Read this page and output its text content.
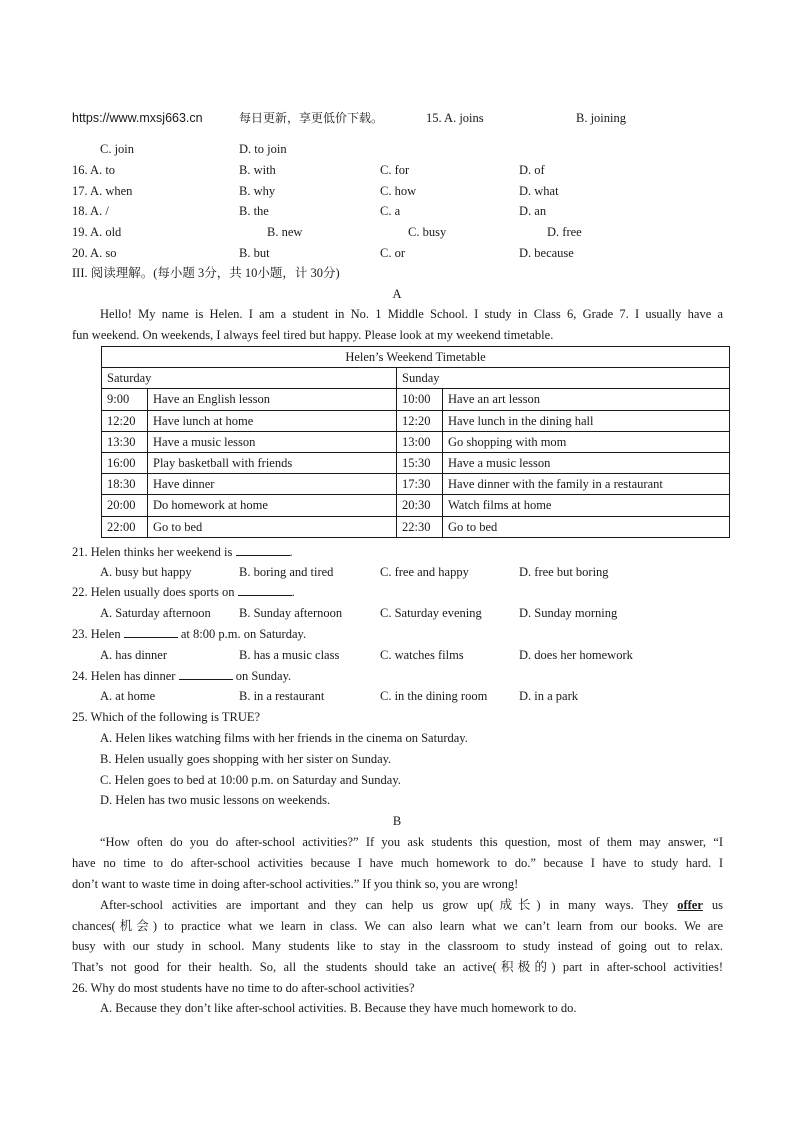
https://www.mxsj663.cn	每日更新，享更低价下载。	15. A. joins	B. joining
C. join	D. to join
16. A. to	B. with	C. for	D. of
17. A. when	B. why	C. how	D. what
18. A. /	B. the	C. a	D. an
19. A. old	B. new	C. busy	D. free
20. A. so	B. but	C. or	D. because
III. 阅读理解。(每小题 3分，共 10小题，计 30分)
A
Hello! My name is Helen. I am a student in No. 1 Middle School. I study in Class 6, Grade 7. I usually have a
fun weekend. On weekends, I always feel tired but happy. Please look at my weekend timetable.
Helen’s Weekend Timetable			
Saturday		Sunday	
9:00	Have an English lesson	10:00	Have an art lesson
12:20	Have lunch at home	12:20	Have lunch in the dining hall
13:30	Have a music lesson	13:00	Go shopping with mom
16:00	Play basketball with friends	15:30	Have a music lesson
18:30	Have dinner	17:30	Have dinner with the family in a restaurant
20:00	Do homework at home	20:30	Watch films at home
22:00	Go to bed	22:30	Go to bed
21. Helen thinks her weekend is	.
A. busy but happy	B. boring and tired	C. free and happy	D. free but boring
22. Helen usually does sports on	.
A. Saturday afternoon B. Sunday afternoon	C. Saturday evening	D. Sunday morning
23. Helen	at 8:00 p.m. on Saturday.
A. has dinner	B. has a music class	C. watches films	D. does her homework
24. Helen has dinner	on Sunday.
A. at home	B. in a restaurant	C. in the dining room	D. in a park
25. Which of the following is TRUE?
A. Helen likes watching films with her friends in the cinema on Saturday.
B. Helen usually goes shopping with her sister on Sunday.
C. Helen goes to bed at 10:00 p.m. on Saturday and Sunday.
D. Helen has two music lessons on weekends.
B
“How often do you do after-school activities?” If you ask students this question, most of them may answer, “I
have no time to do after-school activities because I have much homework to do.” because I have to study hard. I
don’t want to waste time in doing after-school activities.” If you think so, you are wrong!
After-school activities are important and they can help us grow up(成长) in many ways. They offer us
chances(机会) to practice what we learn in class. We can also learn what we can’t learn from our books. We are
busy with our study in school. Many students like to stay in the classroom to study instead of going out to relax.
That’s not good for their health. So, all the students should take an active(积极的) part in after-school activities!
26. Why do most students have no time to do after-school activities?
A. Because they don’t like after-school activities. B. Because they have much homework to do.
